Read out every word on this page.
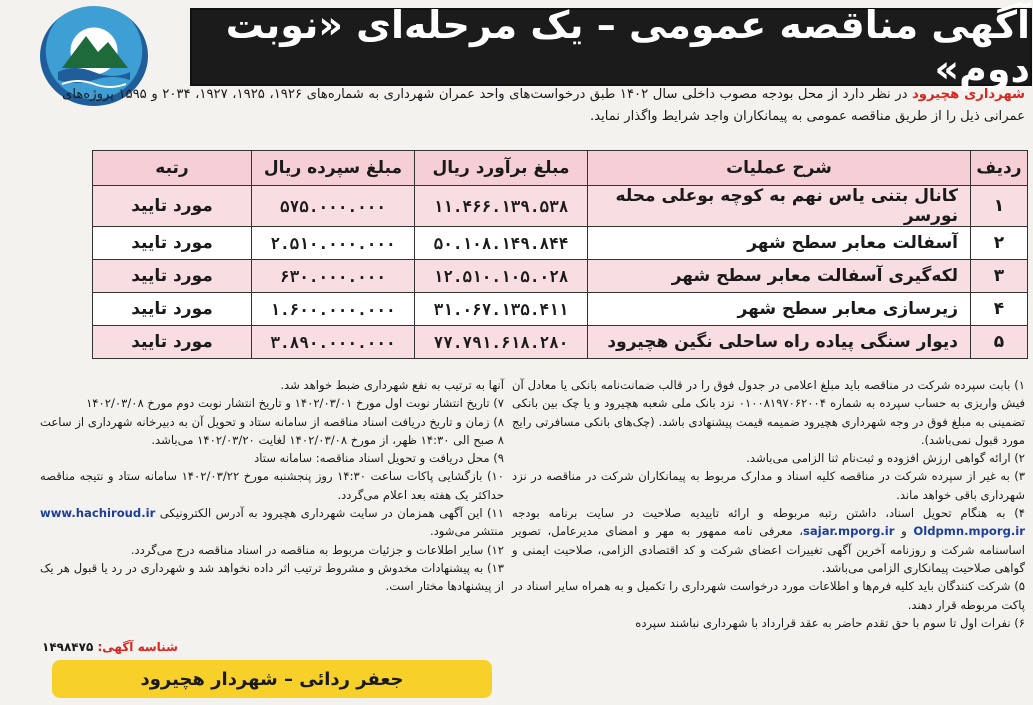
آگهی مناقصه عمومی – یک مرحله‌ای «نوبت دوم»
شهرداری هچیرود در نظر دارد از محل بودجه مصوب داخلی سال ۱۴۰۲ طبق درخواست‌های واحد عمران شهرداری به شماره‌های ۱۹۲۶، ۱۹۲۵، ۱۹۲۷، ۲۰۳۴ و ۱۵۹۵ پروژه‌های عمرانی ذیل را از طریق مناقصه عمومی به پیمانکاران واجد شرایط واگذار نماید.
ردیف	شرح عملیات	مبلغ برآورد ریال	مبلغ سپرده ریال	رتبه
۱	کانال بتنی یاس نهم به کوچه بوعلی محله نورسر	۱۱.۴۶۶.۱۳۹.۵۳۸	۵۷۵.۰۰۰.۰۰۰	مورد تایید
۲	آسفالت معابر سطح شهر	۵۰.۱۰۸.۱۴۹.۸۴۴	۲.۵۱۰.۰۰۰.۰۰۰	مورد تایید
۳	لکه‌گیری آسفالت معابر سطح شهر	۱۲.۵۱۰.۱۰۵.۰۲۸	۶۳۰.۰۰۰.۰۰۰	مورد تایید
۴	زیرسازی معابر سطح شهر	۳۱.۰۶۷.۱۳۵.۴۱۱	۱.۶۰۰.۰۰۰.۰۰۰	مورد تایید
۵	دیوار سنگی پیاده راه ساحلی نگین هچیرود	۷۷.۷۹۱.۶۱۸.۲۸۰	۳.۸۹۰.۰۰۰.۰۰۰	مورد تایید

۱) بابت سپرده شرکت در مناقصه باید مبلغ اعلامی در جدول فوق را در قالب ضمانت‌نامه بانکی یا معادل آن فیش واریزی به حساب سپرده به شماره ۰۱۰۰۸۱۹۷۰۶۲۰۰۴ نزد بانک ملی شعبه هچیرود و یا چک بین بانکی تضمینی به مبلغ فوق در وجه شهرداری هچیرود ضمیمه قیمت پیشنهادی باشد. (چک‌های بانکی مسافرتی رایج مورد قبول نمی‌باشد).

۲) ارائه گواهی ارزش افزوده و ثبت‌نام ثنا الزامی می‌باشد.

۳) به غیر از سپرده شرکت در مناقصه کلیه اسناد و مدارک مربوط به پیمانکاران شرکت در مناقصه در نزد شهرداری باقی خواهد ماند.

۴) به هنگام تحویل اسناد، داشتن رتبه مربوطه و ارائه تاییدیه صلاحیت در سایت برنامه بودجه Oldpmn.mporg.ir و sajar.mporg.ir، معرفی نامه ممهور به مهر و امضای مدیرعامل، تصویر اساسنامه شرکت و روزنامه آخرین آگهی تغییرات اعضای شرکت و کد اقتصادی الزامی، صلاحیت ایمنی و گواهی صلاحیت پیمانکاری الزامی می‌باشد.

۵) شرکت کنندگان باید کلیه فرم‌ها و اطلاعات مورد درخواست شهرداری را تکمیل و به همراه سایر اسناد در پاکت مربوطه قرار دهند.

۶) نفرات اول تا سوم با حق تقدم حاضر به عقد قرارداد با شهرداری نباشند سپرده

آنها به ترتیب به نفع شهرداری ضبط خواهد شد.

۷) تاریخ انتشار نوبت اول مورخ ۱۴۰۲/۰۳/۰۱ و تاریخ انتشار نوبت دوم مورخ ۱۴۰۲/۰۳/۰۸

۸) زمان و تاریخ دریافت اسناد مناقصه از سامانه ستاد و تحویل آن به دبیرخانه شهرداری از ساعت ۸ صبح الی ۱۴:۳۰ ظهر، از مورخ ۱۴۰۲/۰۳/۰۸ لغایت ۱۴۰۲/۰۳/۲۰ می‌باشد.

۹) محل دریافت و تحویل اسناد مناقصه: سامانه ستاد

۱۰) بازگشایی پاکات ساعت ۱۴:۳۰ روز پنجشنبه مورخ ۱۴۰۲/۰۳/۲۲ سامانه ستاد و نتیجه مناقصه حداکثر یک هفته بعد اعلام می‌گردد.

۱۱) این آگهی همزمان در سایت شهرداری هچیرود به آدرس الکترونیکی www.hachiroud.ir منتشر می‌شود.

۱۲) سایر اطلاعات و جزئیات مربوط به مناقصه در اسناد مناقصه درج می‌گردد.

۱۳) به پیشنهادات مخدوش و مشروط ترتیب اثر داده نخواهد شد و شهرداری در رد یا قبول هر یک از پیشنهادها مختار است.

شناسه آگهی: ۱۴۹۸۴۷۵
جعفر ردائی – شهردار هچیرود
